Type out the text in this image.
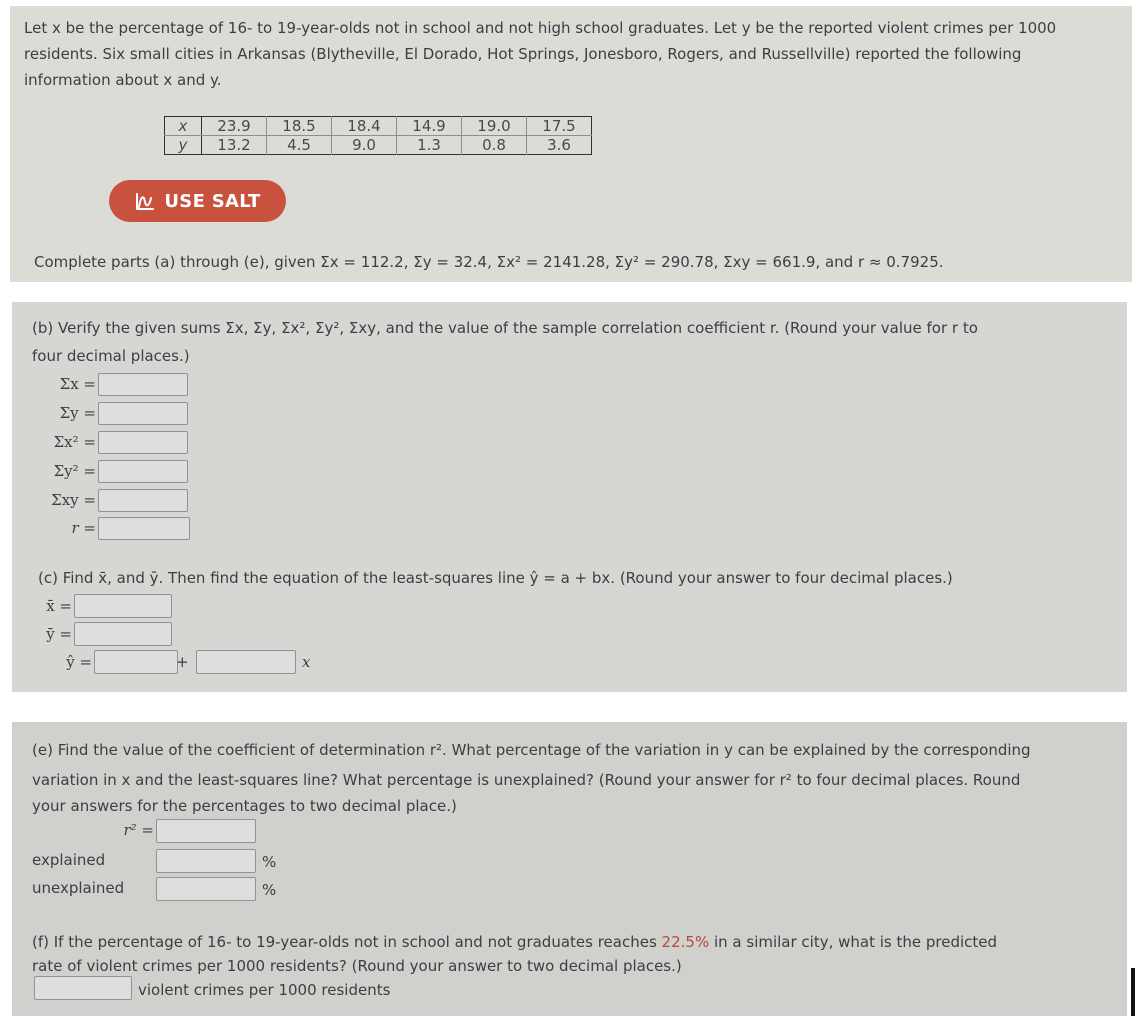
Let x be the percentage of 16- to 19-year-olds not in school and not high school graduates. Let y be the reported violent crimes per 1000
residents. Six small cities in Arkansas (Blytheville, El Dorado, Hot Springs, Jonesboro, Rogers, and Russellville) reported the following
information about x and y.
x	23.9	18.5	18.4	14.9	19.0	17.5
y	13.2	4.5	9.0	1.3	0.8	3.6
USE SALT
Complete parts (a) through (e), given Σx = 112.2, Σy = 32.4, Σx² = 2141.28, Σy² = 290.78, Σxy = 661.9, and r ≈ 0.7925.
(b) Verify the given sums Σx, Σy, Σx², Σy², Σxy, and the value of the sample correlation coefficient r. (Round your value for r to
four decimal places.)
Σx =
Σy =
Σx² =
Σy² =
Σxy =
r =
(c) Find x̄, and ȳ. Then find the equation of the least-squares line ŷ = a + bx. (Round your answer to four decimal places.)
x̄ =
ȳ =
ŷ =	+	x
(e) Find the value of the coefficient of determination r². What percentage of the variation in y can be explained by the corresponding
variation in x and the least-squares line? What percentage is unexplained? (Round your answer for r² to four decimal places. Round
your answers for the percentages to two decimal place.)
r² =
explained	%
unexplained	%
(f) If the percentage of 16- to 19-year-olds not in school and not graduates reaches 22.5% in a similar city, what is the predicted
rate of violent crimes per 1000 residents? (Round your answer to two decimal places.)
violent crimes per 1000 residents
